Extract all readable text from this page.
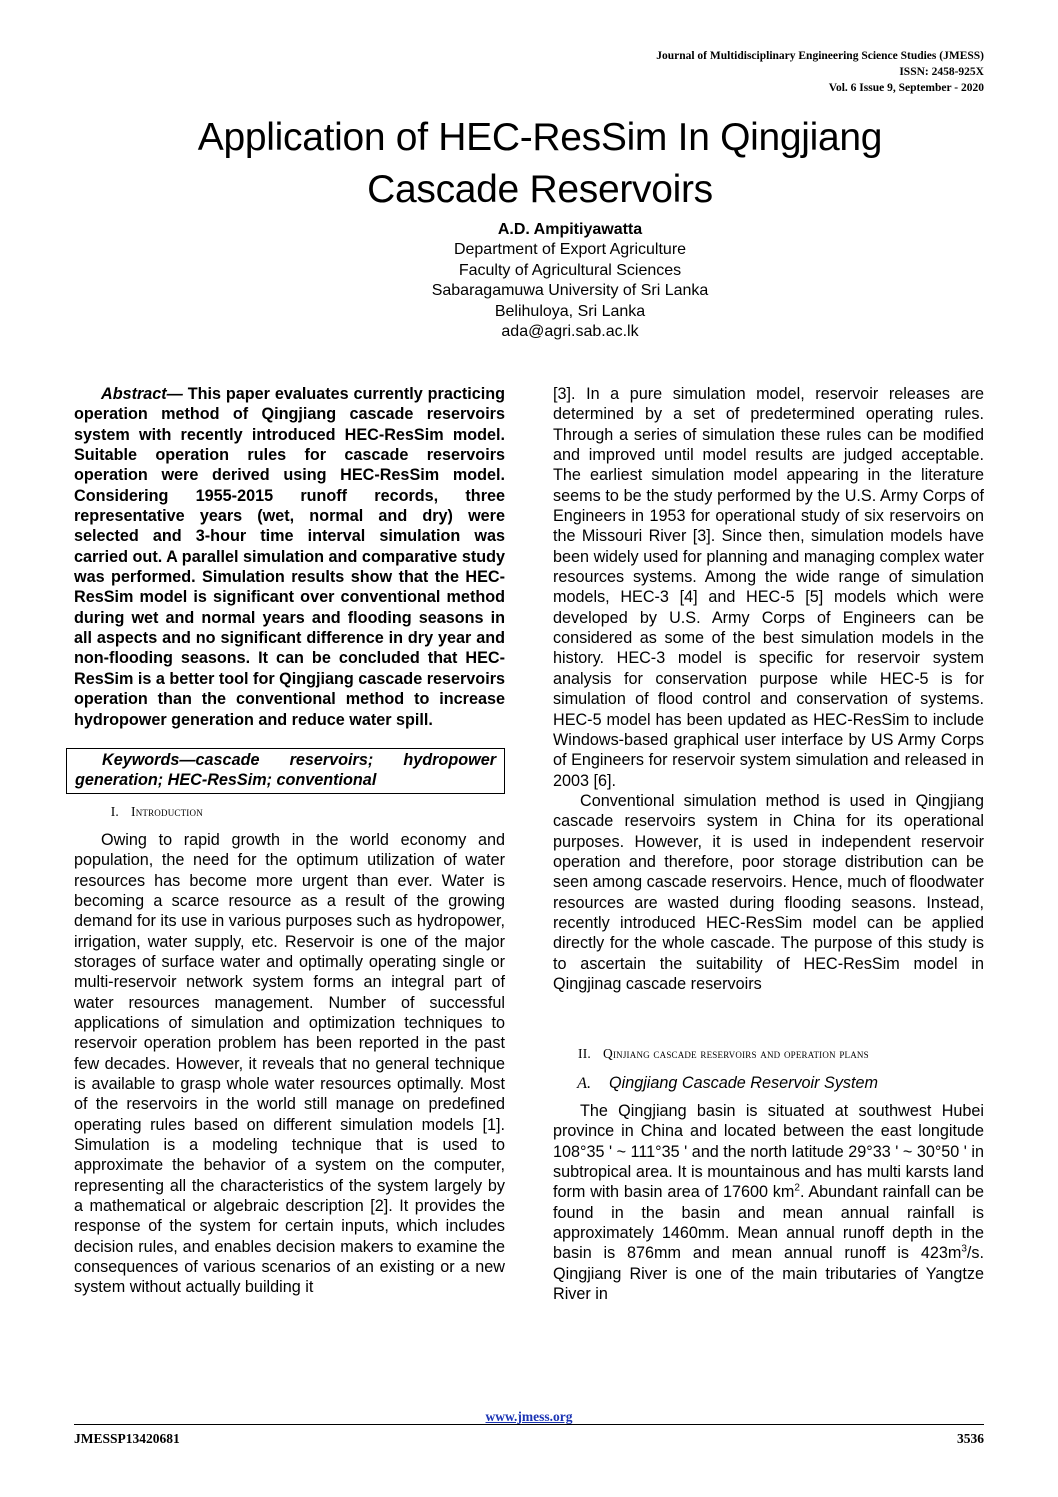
Journal of Multidisciplinary Engineering Science Studies (JMESS)
ISSN: 2458-925X
Vol. 6 Issue 9, September - 2020
Application of HEC-ResSim In Qingjiang
Cascade Reservoirs
A.D. Ampitiyawatta
Department of Export Agriculture
Faculty of Agricultural Sciences
Sabaragamuwa University of Sri Lanka
Belihuloya, Sri Lanka
ada@agri.sab.ac.lk

Abstract— This paper evaluates currently practicing operation method of Qingjiang cascade reservoirs system with recently introduced HEC-ResSim model. Suitable operation rules for cascade reservoirs operation were derived using HEC-ResSim model. Considering 1955-2015 runoff records, three representative years (wet, normal and dry) were selected and 3-hour time interval simulation was carried out. A parallel simulation and comparative study was performed. Simulation results show that the HEC-ResSim model is significant over conventional method during wet and normal years and flooding seasons in all aspects and no significant difference in dry year and non-flooding seasons. It can be concluded that HEC-ResSim is a better tool for Qingjiang cascade reservoirs operation than the conventional method to increase hydropower generation and reduce water spill.

Keywords—cascade reservoirs; hydropower generation; HEC-ResSim; conventional
I. Introduction

Owing to rapid growth in the world economy and population, the need for the optimum utilization of water resources has become more urgent than ever. Water is becoming a scarce resource as a result of the growing demand for its use in various purposes such as hydropower, irrigation, water supply, etc. Reservoir is one of the major storages of surface water and optimally operating single or multi-reservoir network system forms an integral part of water resources management. Number of successful applications of simulation and optimization techniques to reservoir operation problem has been reported in the past few decades. However, it reveals that no general technique is available to grasp whole water resources optimally. Most of the reservoirs in the world still manage on predefined operating rules based on different simulation models [1]. Simulation is a modeling technique that is used to approximate the behavior of a system on the computer, representing all the characteristics of the system largely by a mathematical or algebraic description [2]. It provides the response of the system for certain inputs, which includes decision rules, and enables decision makers to examine the consequences of various scenarios of an existing or a new system without actually building it

[3]. In a pure simulation model, reservoir releases are determined by a set of predetermined operating rules. Through a series of simulation these rules can be modified and improved until model results are judged acceptable. The earliest simulation model appearing in the literature seems to be the study performed by the U.S. Army Corps of Engineers in 1953 for operational study of six reservoirs on the Missouri River [3]. Since then, simulation models have been widely used for planning and managing complex water resources systems. Among the wide range of simulation models, HEC-3 [4] and HEC-5 [5] models which were developed by U.S. Army Corps of Engineers can be considered as some of the best simulation models in the history. HEC-3 model is specific for reservoir system analysis for conservation purpose while HEC-5 is for simulation of flood control and conservation of systems. HEC-5 model has been updated as HEC-ResSim to include Windows-based graphical user interface by US Army Corps of Engineers for reservoir system simulation and released in 2003 [6].

Conventional simulation method is used in Qingjiang cascade reservoirs system in China for its operational purposes. However, it is used in independent reservoir operation and therefore, poor storage distribution can be seen among cascade reservoirs. Hence, much of floodwater resources are wasted during flooding seasons. Instead, recently introduced HEC-ResSim model can be applied directly for the whole cascade. The purpose of this study is to ascertain the suitability of HEC-ResSim model in Qingjinag cascade reservoirs

II. Qinjiang cascade reservoirs and operation plans
A.	Qingjiang Cascade Reservoir System

The Qingjiang basin is situated at southwest Hubei province in China and located between the east longitude 108°35 ' ~ 111°35 ' and the north latitude 29°33 ' ~ 30°50 ' in subtropical area. It is mountainous and has multi karsts land form with basin area of 17600 $km^2$. Abundant rainfall can be found in the basin and mean annual rainfall is approximately 1460mm. Mean annual runoff depth in the basin is 876mm and mean annual runoff is $423m^3/s$. Qingjiang River is one of the main tributaries of Yangtze River in

www.jmess.org
JMESSP13420681	3536
